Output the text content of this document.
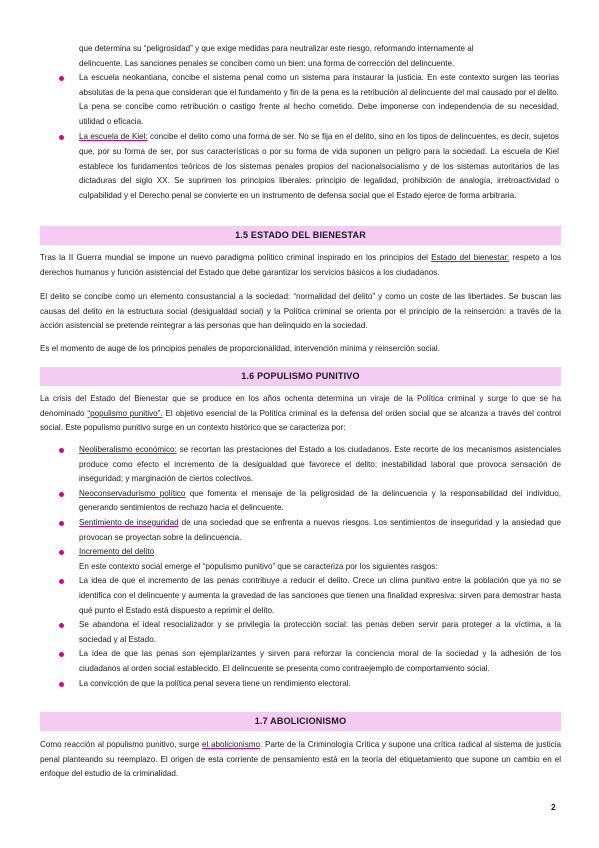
que determina su “peligrosidad” y que exige medidas para neutralizar este riesgo, reformando internamente al
delincuente. Las sanciones penales se conciben como un bien: una forma de corrección del delincuente.

La escuela neokantiana, concibe el sistema penal como un sistema para instaurar la justicia. En este contexto surgen las teorías absolutas de la pena que consideran que el fundamento y fin de la pena es la retribución al delincuente del mal causado por el delito. La pena se concibe como retribución o castigo frente al hecho cometido. Debe imponerse con independencia de su necesidad, utilidad o eficacia.
La escuela de Kiel: concibe el delito como una forma de ser. No se fija en el delito, sino en los tipos de delincuentes, es decir, sujetos que, por su forma de ser, por sus características o por su forma de vida suponen un peligro para la sociedad. La escuela de Kiel establece los fundamentos teóricos de los sistemas penales propios del nacionalsocialismo y de los sistemas autoritarios de las dictaduras del siglo XX. Se suprimen los principios liberales: principio de legalidad, prohibición de analogía, irretroactividad o culpabilidad y el Derecho penal se convierte en un instrumento de defensa social que el Estado ejerce de forma arbitraria.
1.5 ESTADO DEL BIENESTAR

Tras la II Guerra mundial se impone un nuevo paradigma político criminal inspirado en los principios del Estado del bienestar: respeto a los derechos humanos y función asistencial del Estado que debe garantizar los servicios básicos a los ciudadanos.

El delito se concibe como un elemento consustancial a la sociedad: “normalidad del delito” y como un coste de las libertades. Se buscan las causas del delito en la estructura social (desigualdad social) y la Política criminal se orienta por el principio de la reinserción: a través de la acción asistencial se pretende reintegrar a las personas que han delinquido en la sociedad.

Es el momento de auge de los principios penales de proporcionalidad, intervención mínima y reinserción social.

1.6 POPULISMO PUNITIVO

La crisis del Estado del Bienestar que se produce en los años ochenta determina un viraje de la Política criminal y surge lo que se ha denominado “populismo punitivo”. El objetivo esencial de la Política criminal es la defensa del orden social que se alcanza a través del control social. Este populismo punitivo surge en un contexto histórico que se caracteriza por:

Neoliberalismo económico: se recortan las prestaciones del Estado a los ciudadanos. Este recorte de los mecanismos asistenciales produce como efecto el incremento de la desigualdad que favorece el delito; inestabilidad laboral que provoca sensación de inseguridad; y marginación de ciertos colectivos.
Neoconservadurismo político que fomenta el mensaje de la peligrosidad de la delincuencia y la responsabilidad del individuo, generando sentimientos de rechazo hacia el delincuente.
Sentimiento de inseguridad de una sociedad que se enfrenta a nuevos riesgos. Los sentimientos de inseguridad y la ansiedad que provocan se proyectan sobre la delincuencia.
Incremento del delito
En este contexto social emerge el “populismo punitivo” que se caracteriza por los siguientes rasgos:
La idea de que el incremento de las penas contribuye a reducir el delito. Crece un clima punitivo entre la población que ya no se identifica con el delincuente y aumenta la gravedad de las sanciones que tienen una finalidad expresiva: sirven para demostrar hasta qué punto el Estado está dispuesto a reprimir el delito.
Se abandona el ideal resocializador y se privilegia la protección social: las penas deben servir para proteger a la víctima, a la sociedad y al Estado.
La idea de que las penas son ejemplarizantes y sirven para reforzar la conciencia moral de la sociedad y la adhesión de los ciudadanos al orden social establecido. El delincuente se presenta como contraejemplo de comportamiento social.
La convicción de que la política penal severa tiene un rendimiento electoral.
1.7 ABOLICIONISMO

Como reacción al populismo punitivo, surge el abolicionismo. Parte de la Criminología Crítica y supone una crítica radical al sistema de justicia penal planteando su reemplazo. El origen de esta corriente de pensamiento está en la teoría del etiquetamiento que supone un cambio en el enfoque del estudio de la criminalidad.

2
